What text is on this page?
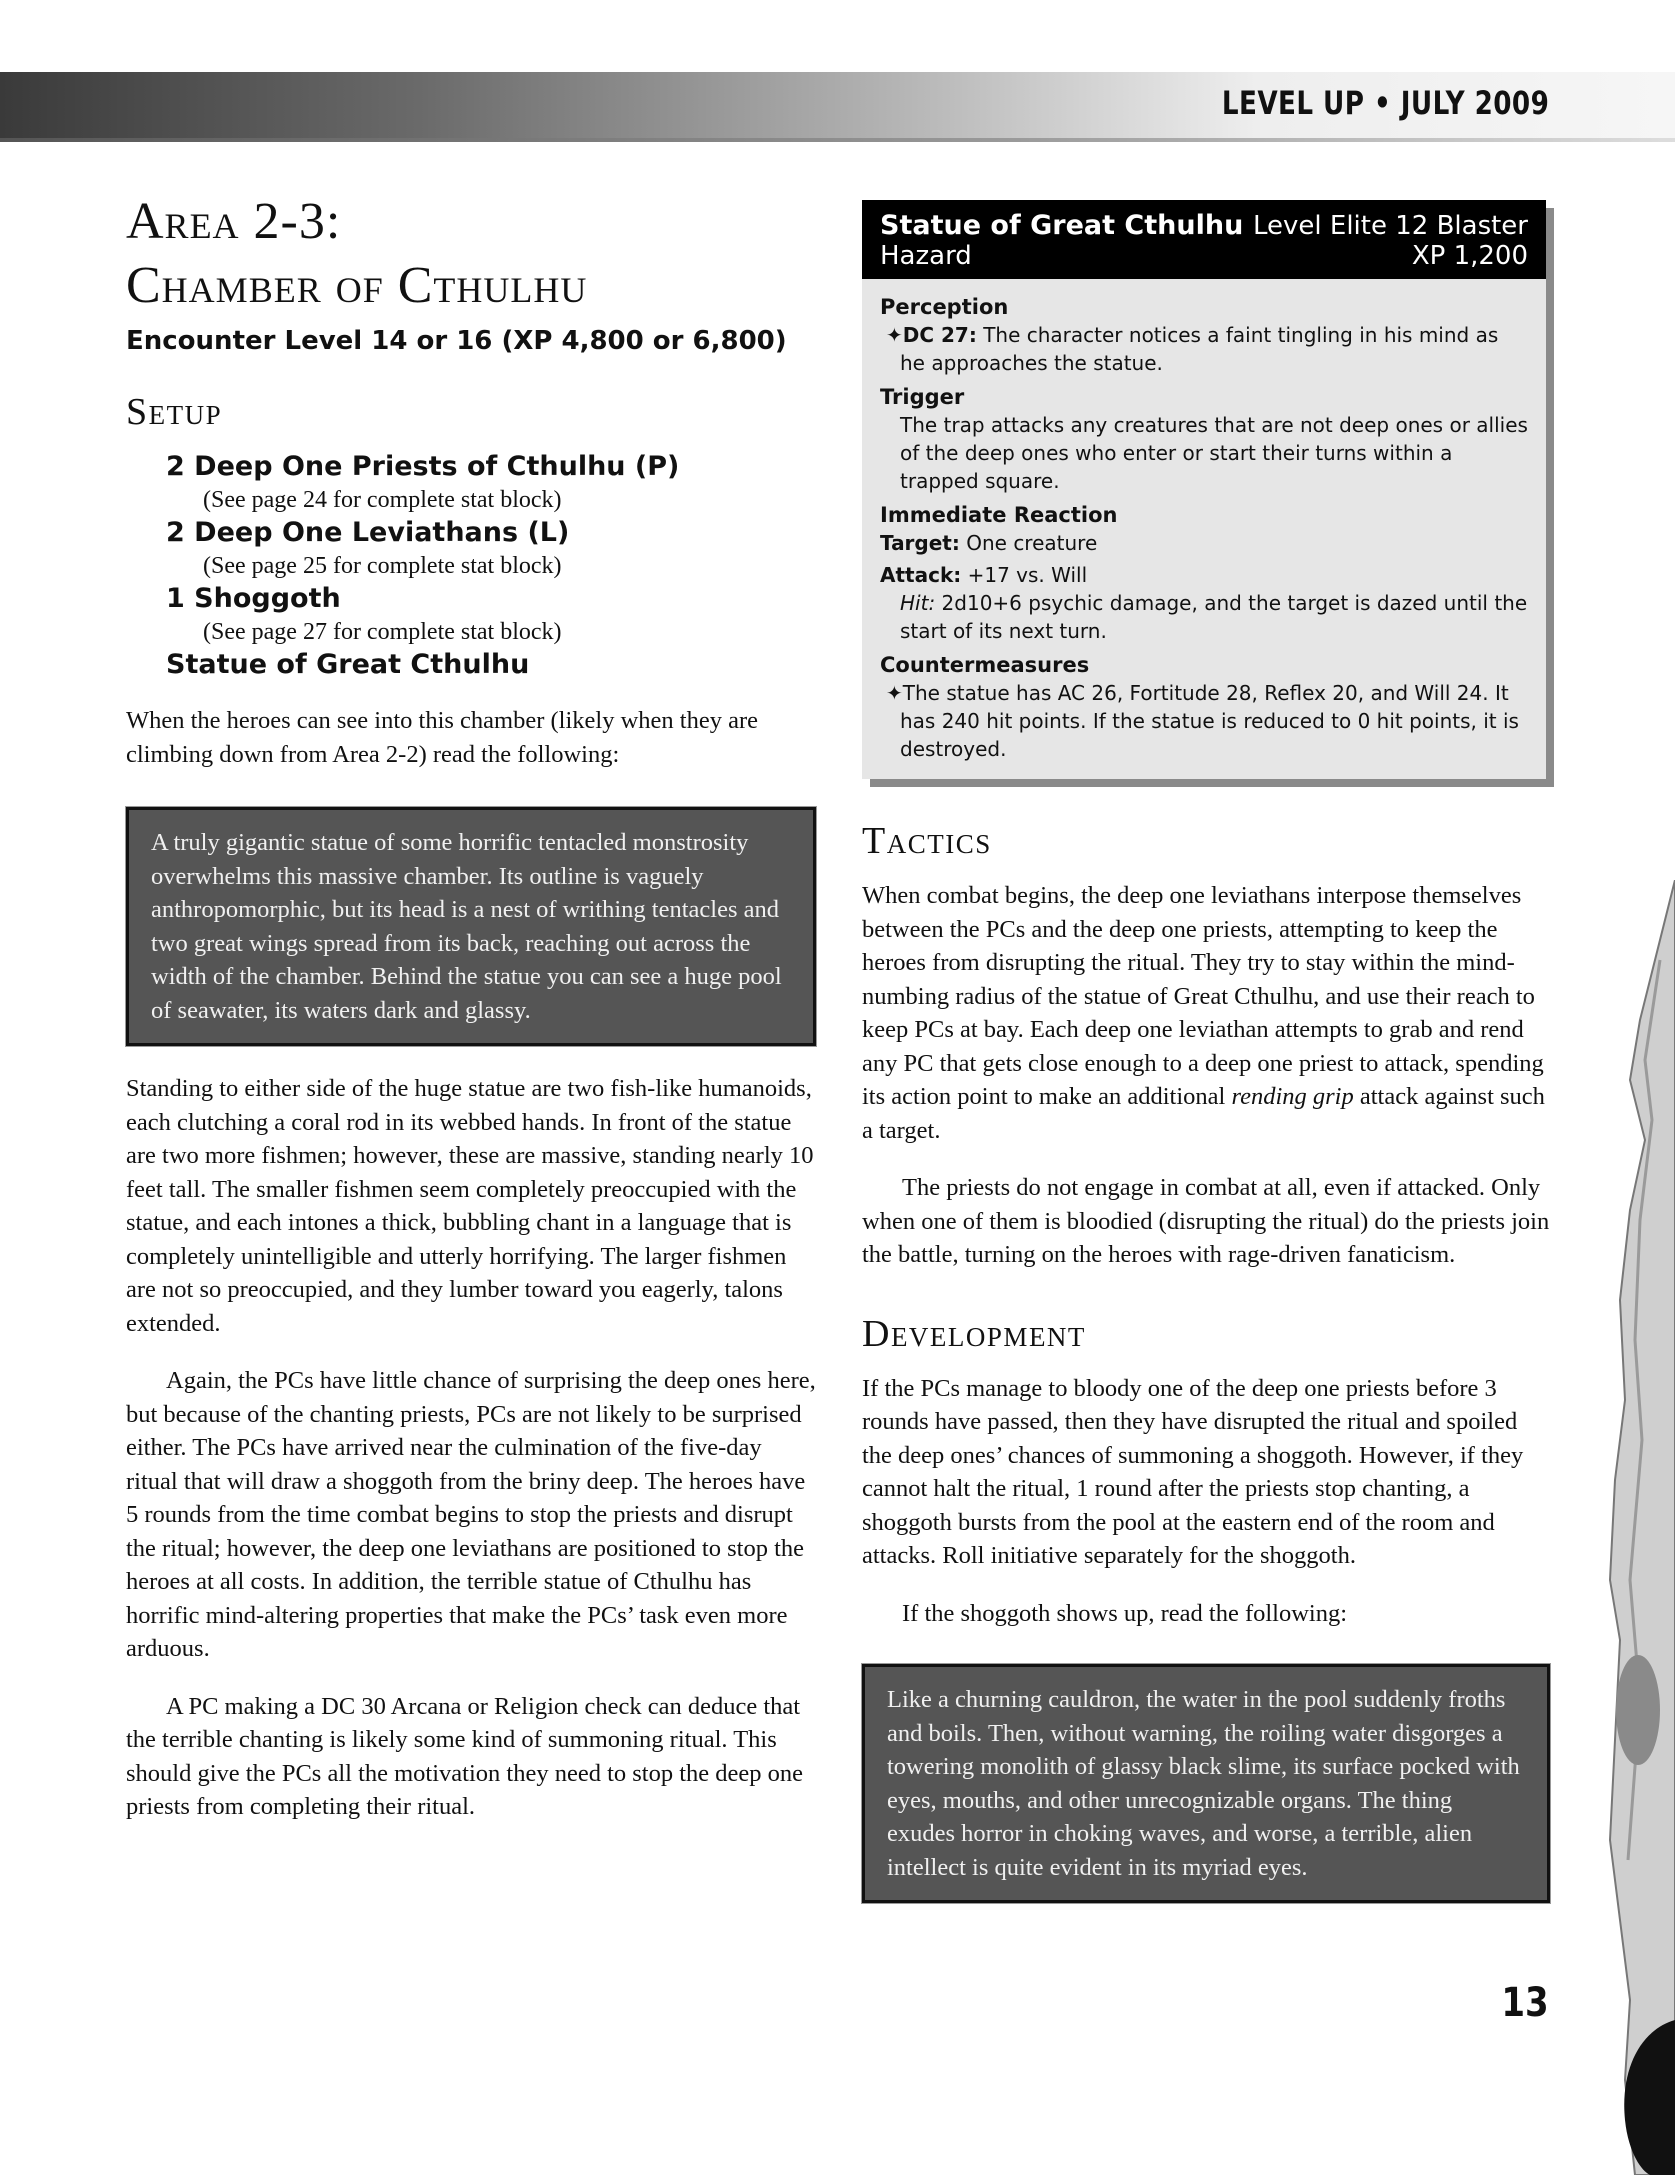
LEVEL UP • JULY 2009
Area 2-3:
Chamber of Cthulhu
Encounter Level 14 or 16 (XP 4,800 or 6,800)
Setup
2 Deep One Priests of Cthulhu (P)
(See page 24 for complete stat block)
2 Deep One Leviathans (L)
(See page 25 for complete stat block)
1 Shoggoth
(See page 27 for complete stat block)
Statue of Great Cthulhu

When the heroes can see into this chamber (likely when they are climbing down from Area 2-2) read the following:

A truly gigantic statue of some horrific tentacled monstrosity overwhelms this massive chamber. Its outline is vaguely anthropomorphic, but its head is a nest of writhing tentacles and two great wings spread from its back, reaching out across the width of the chamber. Behind the statue you can see a huge pool of seawater, its waters dark and glassy.

Standing to either side of the huge statue are two fish-like humanoids, each clutching a coral rod in its webbed hands. In front of the statue are two more fishmen; however, these are massive, standing nearly 10 feet tall. The smaller fishmen seem completely preoccupied with the statue, and each intones a thick, bubbling chant in a language that is completely unintelligible and utterly horrifying. The larger fishmen are not so preoccupied, and they lumber toward you eagerly, talons extended.

Again, the PCs have little chance of surprising the deep ones here, but because of the chanting priests, PCs are not likely to be surprised either. The PCs have arrived near the culmination of the five-day ritual that will draw a shoggoth from the briny deep. The heroes have 5 rounds from the time combat begins to stop the priests and disrupt the ritual; however, the deep one leviathans are positioned to stop the heroes at all costs. In addition, the terrible statue of Cthulhu has horrific mind-altering properties that make the PCs’ task even more arduous.

A PC making a DC 30 Arcana or Religion check can deduce that the terrible chanting is likely some kind of summoning ritual. This should give the PCs all the motivation they need to stop the deep one priests from completing their ritual.

Statue of Great Cthulhu Level Elite 12 Blaster
Hazard	XP 1,200
Perception
✦DC 27: The character notices a faint tingling in his mind as he approaches the statue.
Trigger
The trap attacks any creatures that are not deep ones or allies of the deep ones who enter or start their turns within a trapped square.
Immediate Reaction
Target: One creature
Attack: +17 vs. Will
Hit: 2d10+6 psychic damage, and the target is dazed until the start of its next turn.
Countermeasures
✦The statue has AC 26, Fortitude 28, Reflex 20, and Will 24. It has 240 hit points. If the statue is reduced to 0 hit points, it is destroyed.
Tactics

When combat begins, the deep one leviathans interpose themselves between the PCs and the deep one priests, attempting to keep the heroes from disrupting the ritual. They try to stay within the mind-numbing radius of the statue of Great Cthulhu, and use their reach to keep PCs at bay. Each deep one leviathan attempts to grab and rend any PC that gets close enough to a deep one priest to attack, spending its action point to make an additional rending grip attack against such a target.

The priests do not engage in combat at all, even if attacked. Only when one of them is bloodied (disrupting the ritual) do the priests join the battle, turning on the heroes with rage-driven fanaticism.

Development

If the PCs manage to bloody one of the deep one priests before 3 rounds have passed, then they have disrupted the ritual and spoiled the deep ones’ chances of summoning a shoggoth. However, if they cannot halt the ritual, 1 round after the priests stop chanting, a shoggoth bursts from the pool at the eastern end of the room and attacks. Roll initiative separately for the shoggoth.

If the shoggoth shows up, read the following:

Like a churning cauldron, the water in the pool suddenly froths and boils. Then, without warning, the roiling water disgorges a towering monolith of glassy black slime, its surface pocked with eyes, mouths, and other unrecognizable organs. The thing exudes horror in choking waves, and worse, a terrible, alien intellect is quite evident in its myriad eyes.

13
